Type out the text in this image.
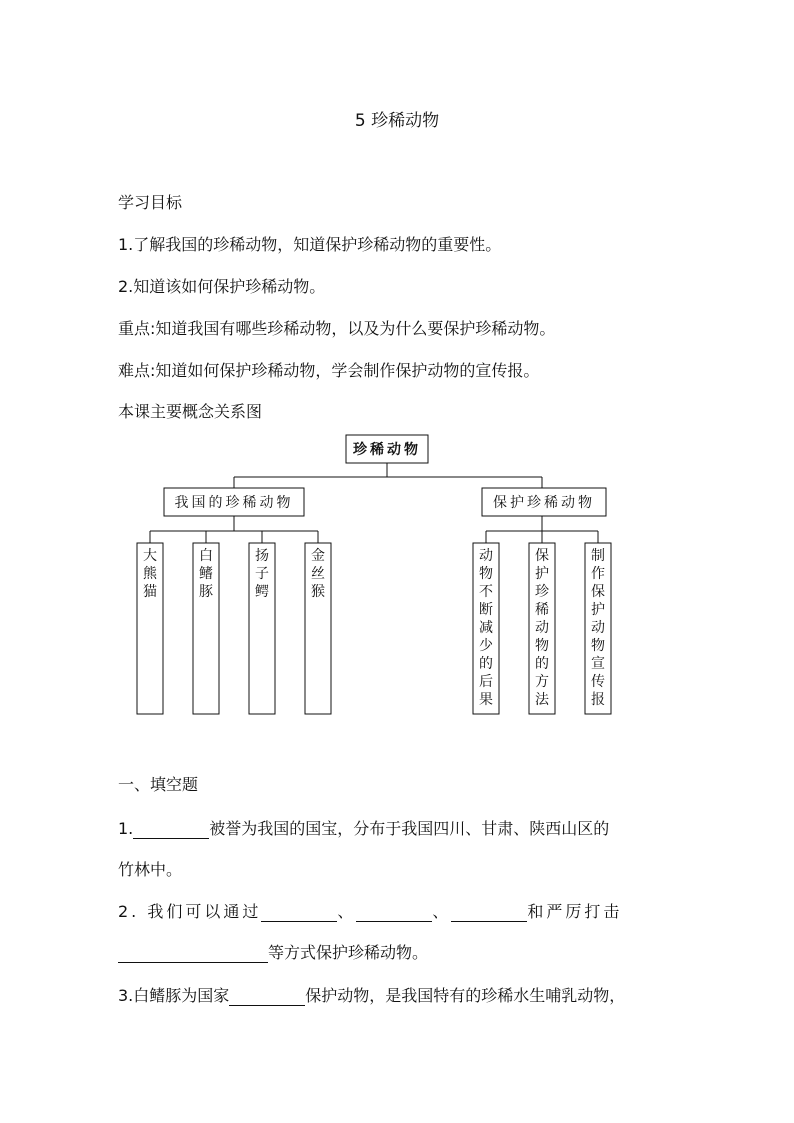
5 珍稀动物
学习目标
1.了解我国的珍稀动物，知道保护珍稀动物的重要性。
2.知道该如何保护珍稀动物。
重点:知道我国有哪些珍稀动物，以及为什么要保护珍稀动物。
难点:知道如何保护珍稀动物，学会制作保护动物的宣传报。
本课主要概念关系图
珍稀动物
我国的珍稀动物	保护珍稀动物
大熊猫
白鳍豚
扬子鳄
金丝猴
动物不断减少的后果
保护珍稀动物的方法
制作保护动物宣传报
一、填空题
1.	被誉为我国的国宝，分布于我国四川、甘肃、陕西山区的
竹林中。
2. 我们可以通过	、	、	和严厉打击
等方式保护珍稀动物。
3.白鳍豚为国家	保护动物，是我国特有的珍稀水生哺乳动物，
